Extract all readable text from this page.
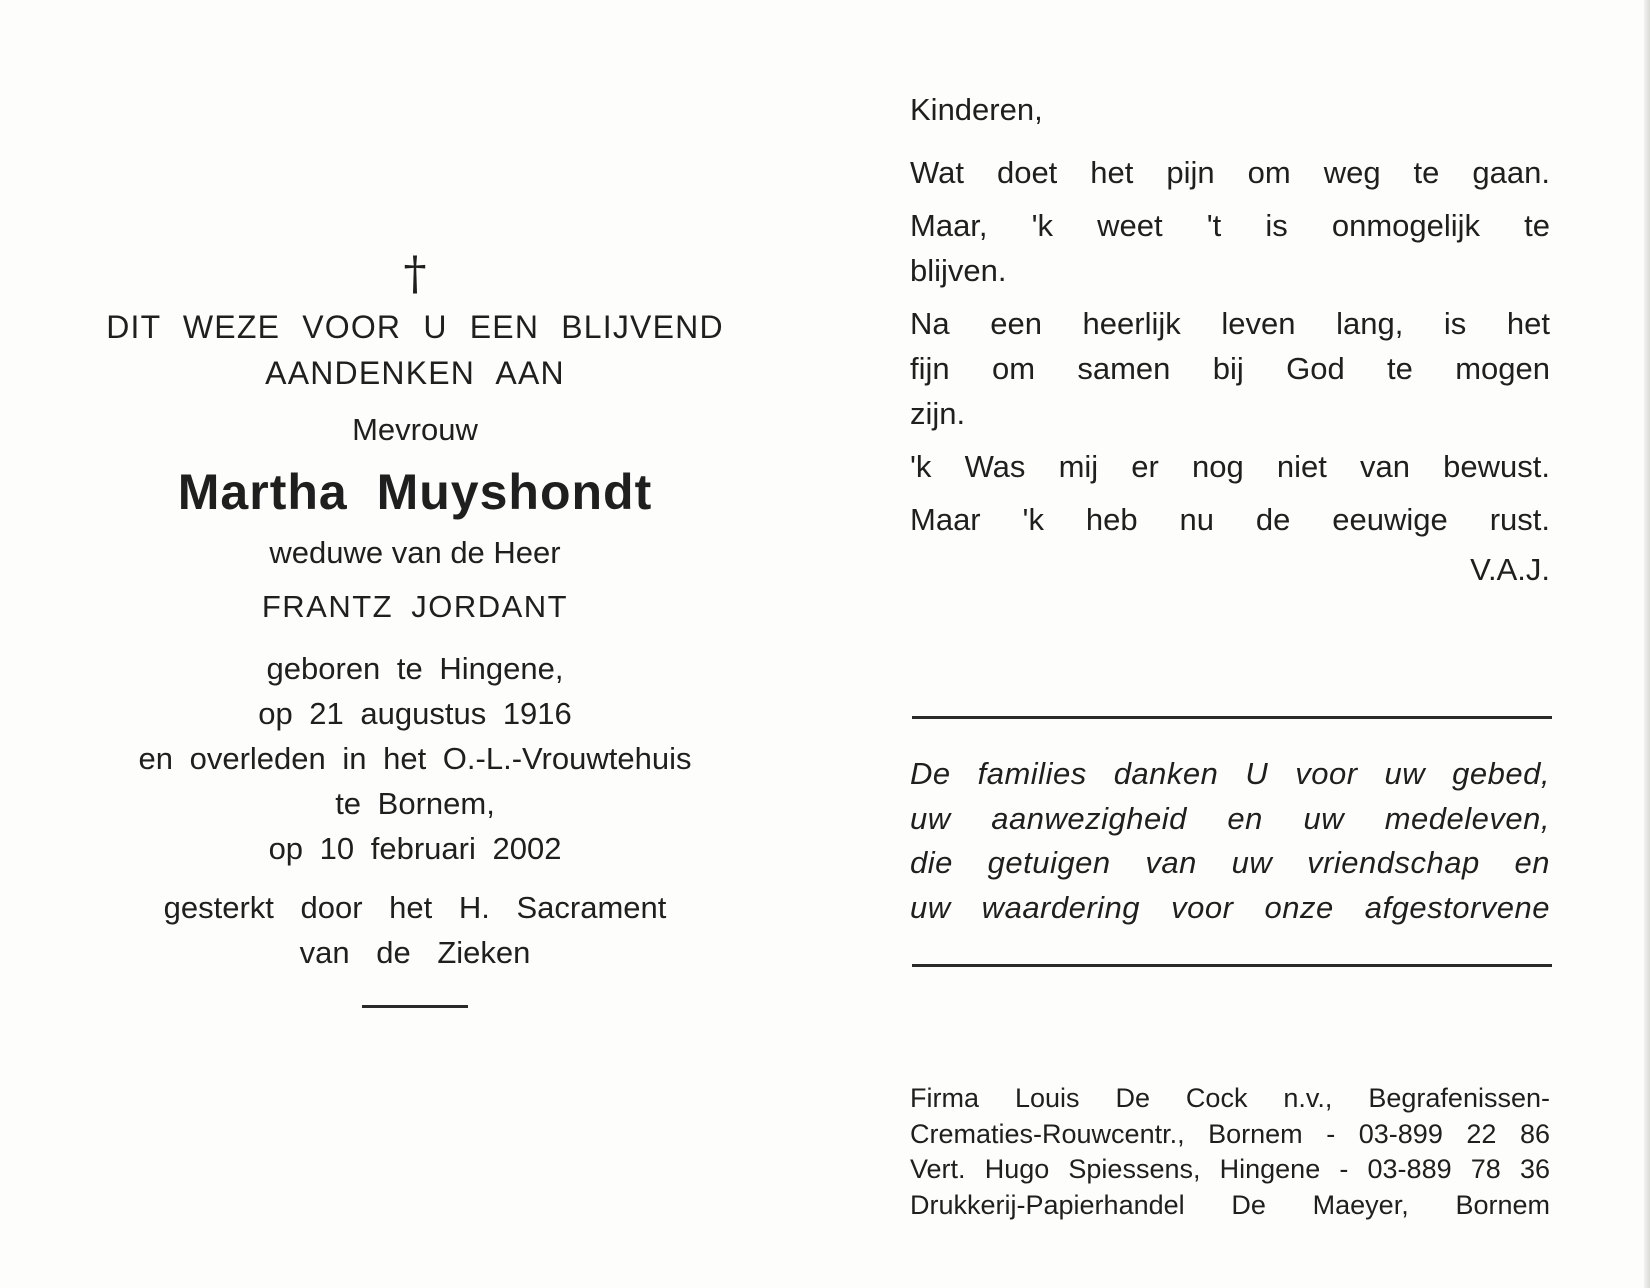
†
DIT WEZE VOOR U EEN BLIJVEND
AANDENKEN AAN
Mevrouw
Martha Muyshondt
weduwe van de Heer
FRANTZ JORDANT
geboren te Hingene,
op 21 augustus 1916
en overleden in het O.-L.-Vrouwtehuis
te Bornem,
op 10 februari 2002
gesterkt door het H. Sacrament
van de Zieken
Kinderen,
Wat doet het pijn om weg te gaan.
Maar, 'k weet 't is onmogelijk te
blijven.
Na een heerlijk leven lang, is het
fijn om samen bij God te mogen
zijn.
'k Was mij er nog niet van bewust.
Maar 'k heb nu de eeuwige rust.
V.A.J.
De families danken U voor uw gebed,
uw aanwezigheid en uw medeleven,
die getuigen van uw vriendschap en
uw waardering voor onze afgestorvene
Firma Louis De Cock n.v., Begrafenissen-
Crematies-Rouwcentr., Bornem - 03-899 22 86
Vert. Hugo Spiessens, Hingene - 03-889 78 36
Drukkerij-Papierhandel De Maeyer, Bornem
